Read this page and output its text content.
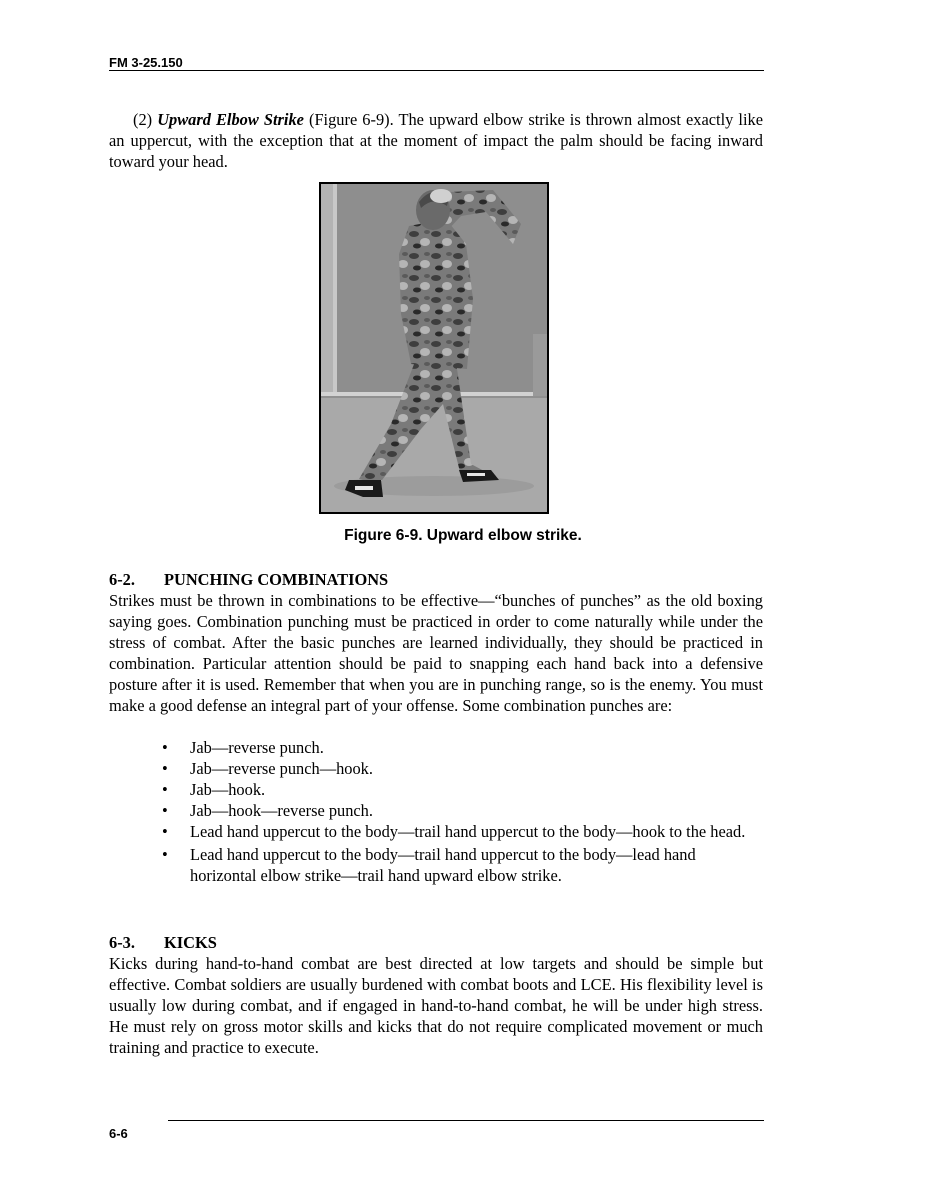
FM 3-25.150
(2) Upward Elbow Strike (Figure 6-9). The upward elbow strike is thrown almost exactly like an uppercut, with the exception that at the moment of impact the palm should be facing inward toward your head.
Figure 6-9. Upward elbow strike.
6-2. PUNCHING COMBINATIONS
Strikes must be thrown in combinations to be effective—“bunches of punches” as the old boxing saying goes. Combination punching must be practiced in order to come naturally while under the stress of combat. After the basic punches are learned individually, they should be practiced in combination. Particular attention should be paid to snapping each hand back into a defensive posture after it is used. Remember that when you are in punching range, so is the enemy. You must make a good defense an integral part of your offense. Some combination punches are:
• Jab—reverse punch.
• Jab—reverse punch—hook.
• Jab—hook.
• Jab—hook—reverse punch.
• Lead hand uppercut to the body—trail hand uppercut to the body—hook to the head.
• Lead hand uppercut to the body—trail hand uppercut to the body—lead hand horizontal elbow strike—trail hand upward elbow strike.
6-3. KICKS
Kicks during hand-to-hand combat are best directed at low targets and should be simple but effective. Combat soldiers are usually burdened with combat boots and LCE. His flexibility level is usually low during combat, and if engaged in hand-to-hand combat, he will be under high stress. He must rely on gross motor skills and kicks that do not require complicated movement or much training and practice to execute.
6-6
